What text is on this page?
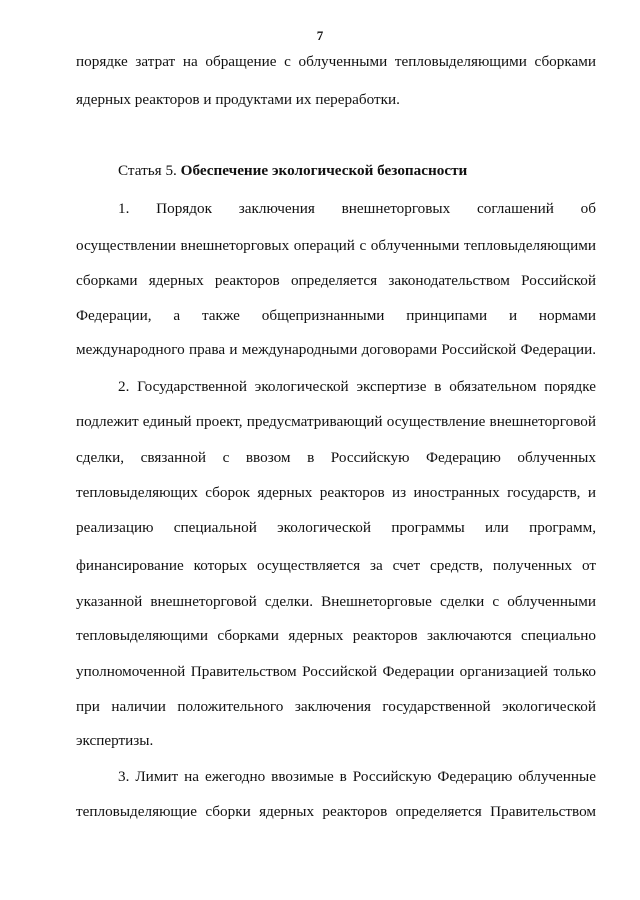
7
порядке затрат на обращение с облученными тепловыделяющими сборками
ядерных реакторов и продуктами их переработки.
Статья 5. Обеспечение экологической безопасности
1. Порядок заключения внешнеторговых соглашений об
осуществлении внешнеторговых операций с облученными тепловыделяющими
сборками ядерных реакторов определяется законодательством Российской
Федерации, а также общепризнанными принципами и нормами
международного права и международными договорами Российской Федерации.
2. Государственной экологической экспертизе в обязательном порядке
подлежит единый проект, предусматривающий осуществление внешнеторговой
сделки, связанной с ввозом в Российскую Федерацию облученных
тепловыделяющих сборок ядерных реакторов из иностранных государств, и
реализацию специальной экологической программы или программ,
финансирование которых осуществляется за счет средств, полученных от
указанной внешнеторговой сделки. Внешнеторговые сделки с облученными
тепловыделяющими сборками ядерных реакторов заключаются специально
уполномоченной Правительством Российской Федерации организацией только
при наличии положительного заключения государственной экологической
экспертизы.
3. Лимит на ежегодно ввозимые в Российскую Федерацию облученные
тепловыделяющие сборки ядерных реакторов определяется Правительством
